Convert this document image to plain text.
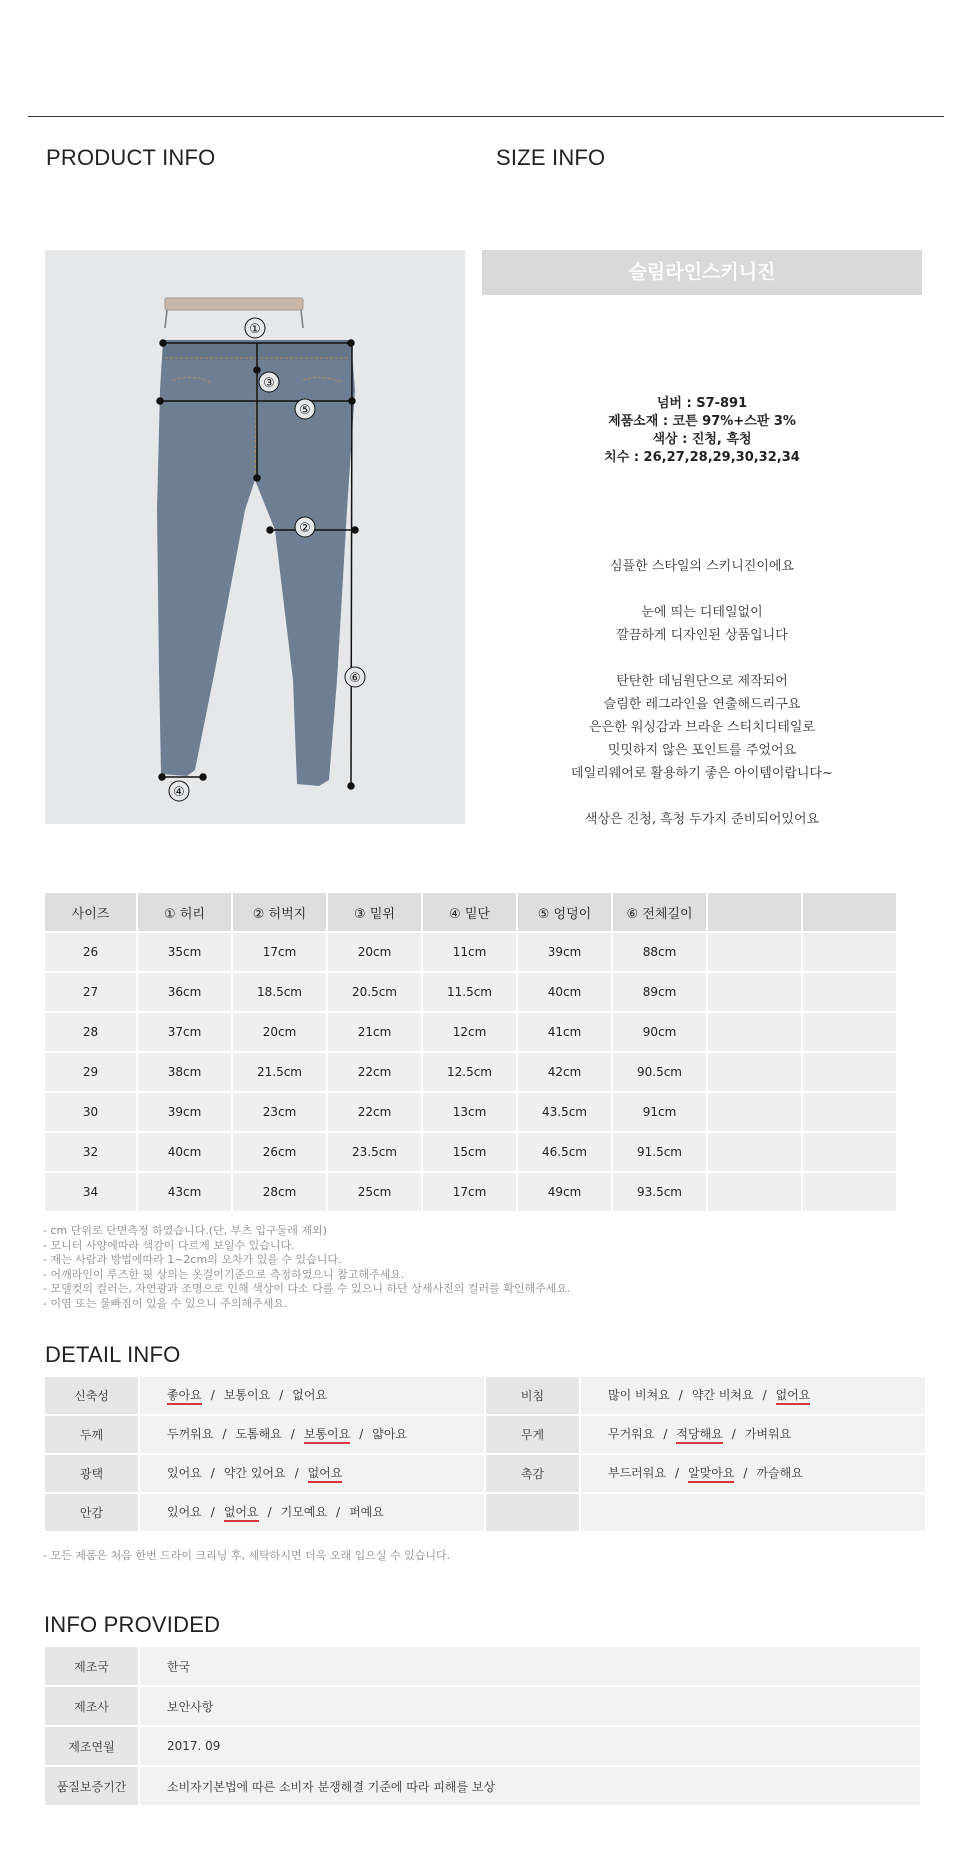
PRODUCT INFO	SIZE INFO
①
②
③
④
⑤
⑥
슬림라인스키니진
넘버 : S7-891
제품소재 : 코튼 97%+스판 3%
색상 : 진청, 흑청
치수 : 26,27,28,29,30,32,34
심플한 스타일의 스키니진이에요
눈에 띄는 디테일없이
깔끔하게 디자인된 상품입니다
탄탄한 데님원단으로 제작되어
슬림한 레그라인을 연출해드리구요
은은한 워싱감과 브라운 스티치디테일로
밋밋하지 않은 포인트를 주었어요
데일리웨어로 활용하기 좋은 아이템이랍니다~
색상은 진청, 흑청 두가지 준비되어있어요
사이즈	① 허리	② 허벅지	③ 밑위	④ 밑단	⑤ 엉덩이	⑥ 전체길이		
26	35cm	17cm	20cm	11cm	39cm	88cm		
27	36cm	18.5cm	20.5cm	11.5cm	40cm	89cm		
28	37cm	20cm	21cm	12cm	41cm	90cm		
29	38cm	21.5cm	22cm	12.5cm	42cm	90.5cm		
30	39cm	23cm	22cm	13cm	43.5cm	91cm		
32	40cm	26cm	23.5cm	15cm	46.5cm	91.5cm		
34	43cm	28cm	25cm	17cm	49cm	93.5cm		
- cm 단위로 단면측정 하였습니다.(단, 부츠 입구둘레 제외)
- 모니터 사양에따라 색감이 다르게 보일수 있습니다.
- 재는 사람과 방법에따라 1~2cm의 오차가 있을 수 있습니다.
- 어깨라인이 루즈한 핏 상의는 옷걸이기준으로 측정하였으니 참고해주세요.
- 모델컷의 컬러는, 자연광과 조명으로 인해 색상이 다소 다를 수 있으니 하단 상세사진의 컬러를 확인해주세요.
- 이염 또는 물빠짐이 있을 수 있으니 주의해주세요.
DETAIL INFO
신축성	좋아요 / 보통이요 / 없어요	비침	많이 비쳐요 / 약간 비쳐요 / 없어요
두께	두꺼워요 / 도톰해요 / 보통이요 / 얇아요	무게	무거워요 / 적당해요 / 가벼워요
광택	있어요 / 약간 있어요 / 없어요	촉감	부드러워요 / 알맞아요 / 까슬해요
안감	있어요 / 없어요 / 기모예요 / 퍼예요		
- 모든 제품은 처음 한번 드라이 크리닝 후, 세탁하시면 더욱 오래 입으실 수 있습니다.
INFO PROVIDED
제조국	한국
제조사	보안사항
제조연월	2017. 09
품질보증기간	소비자기본법에 따른 소비자 분쟁해결 기준에 따라 피해를 보상
